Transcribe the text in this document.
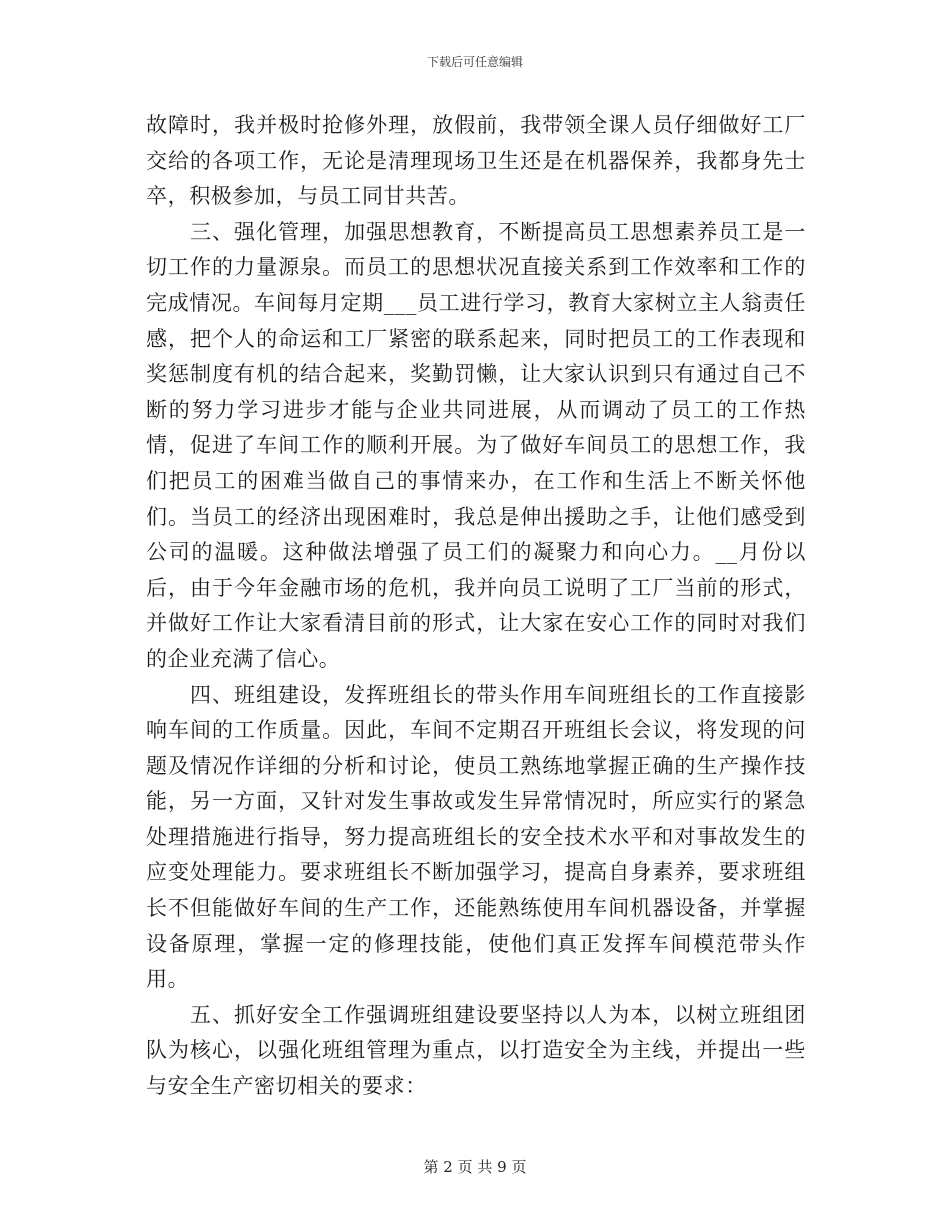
下载后可任意编辑

故障时，我并极时抢修外理，放假前，我带领全课人员仔细做好工厂交给的各项工作，无论是清理现场卫生还是在机器保养，我都身先士卒，积极参加，与员工同甘共苦。

三、强化管理，加强思想教育，不断提高员工思想素养员工是一切工作的力量源泉。而员工的思想状况直接关系到工作效率和工作的完成情况。车间每月定期___员工进行学习，教育大家树立主人翁责任感，把个人的命运和工厂紧密的联系起来，同时把员工的工作表现和奖惩制度有机的结合起来，奖勤罚懒，让大家认识到只有通过自己不断的努力学习进步才能与企业共同进展，从而调动了员工的工作热情，促进了车间工作的顺利开展。为了做好车间员工的思想工作，我们把员工的困难当做自己的事情来办，在工作和生活上不断关怀他们。当员工的经济出现困难时，我总是伸出援助之手，让他们感受到公司的温暖。这种做法增强了员工们的凝聚力和向心力。__月份以后，由于今年金融市场的危机，我并向员工说明了工厂当前的形式，并做好工作让大家看清目前的形式，让大家在安心工作的同时对我们的企业充满了信心。

四、班组建设，发挥班组长的带头作用车间班组长的工作直接影响车间的工作质量。因此，车间不定期召开班组长会议，将发现的问题及情况作详细的分析和讨论，使员工熟练地掌握正确的生产操作技能，另一方面，又针对发生事故或发生异常情况时，所应实行的紧急处理措施进行指导，努力提高班组长的安全技术水平和对事故发生的应变处理能力。要求班组长不断加强学习，提高自身素养，要求班组长不但能做好车间的生产工作，还能熟练使用车间机器设备，并掌握设备原理，掌握一定的修理技能，使他们真正发挥车间模范带头作用。

五、抓好安全工作强调班组建设要坚持以人为本，以树立班组团队为核心，以强化班组管理为重点，以打造安全为主线，并提出一些与安全生产密切相关的要求：

第 2 页 共 9 页
